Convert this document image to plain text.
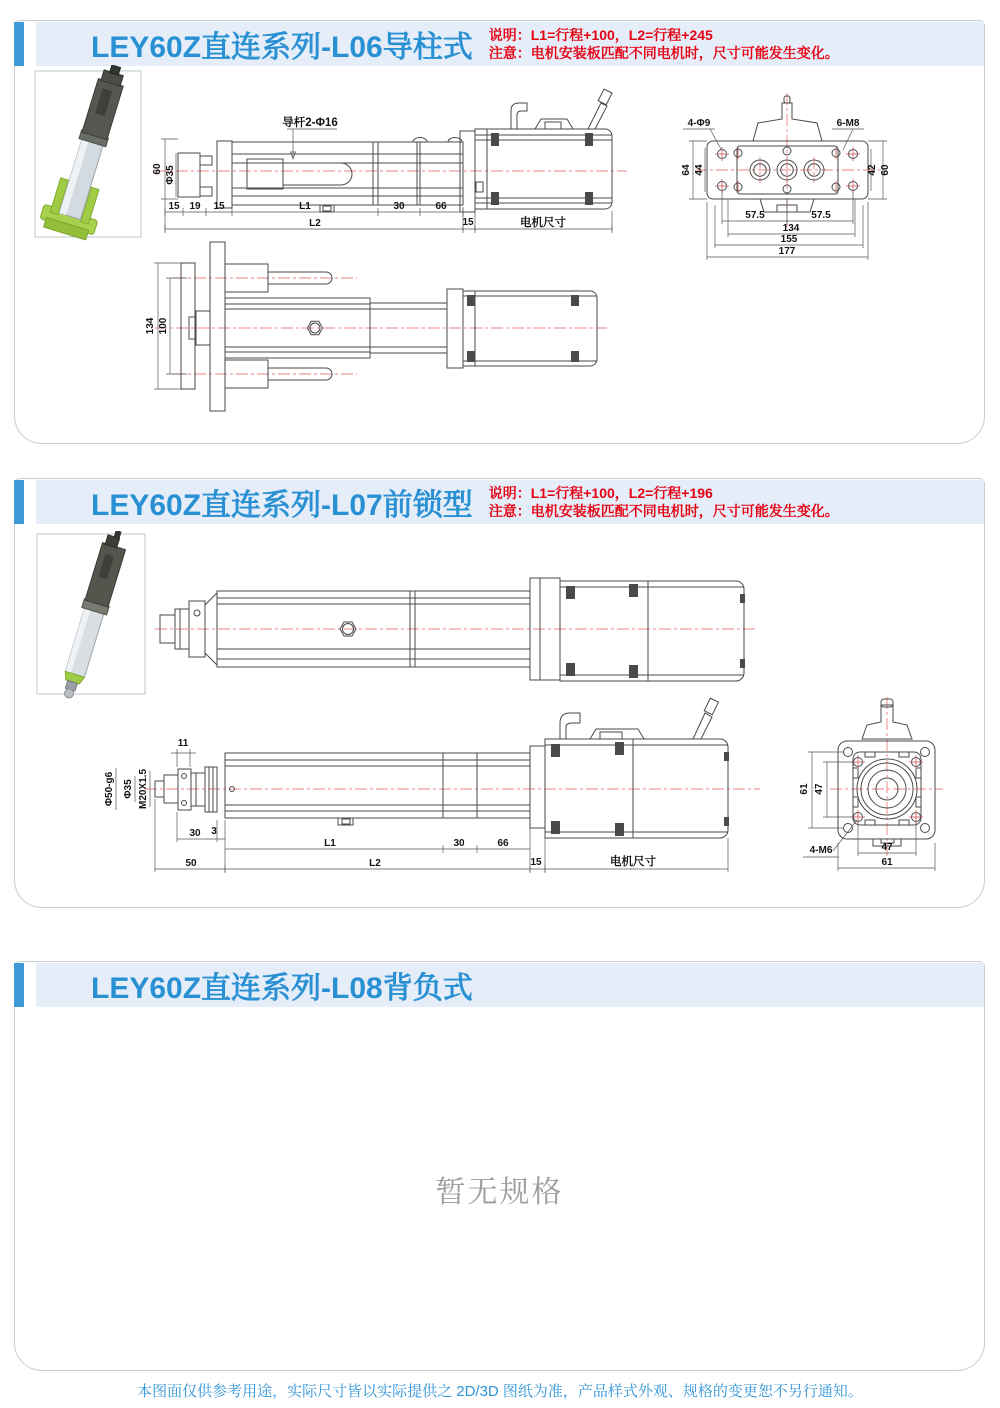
LEY60Z直连系列-L06导柱式 说明：L1=行程+100，L2=行程+245
注意：电机安装板匹配不同电机时，尺寸可能发生变化。
导杆2-Φ16
60 Φ35
15 19 15	L1	30	66
L2	15	电机尺寸
4-Φ9	6-M8
64 44	42 60
57.5	57.5
134
155
177
134 100
LEY60Z直连系列-L07前锁型 说明：L1=行程+100，L2=行程+196
注意：电机安装板匹配不同电机时，尺寸可能发生变化。
11
Φ50-g6 Φ35 M20X1.5
30 3
L1	30	66
50	L2	15	电机尺寸
61 47
4-M6	47
61
LEY60Z直连系列-L08背负式
暂无规格
本图面仅供参考用途，实际尺寸皆以实际提供之 2D/3D 图纸为准，产品样式外观、规格的变更恕不另行通知。
